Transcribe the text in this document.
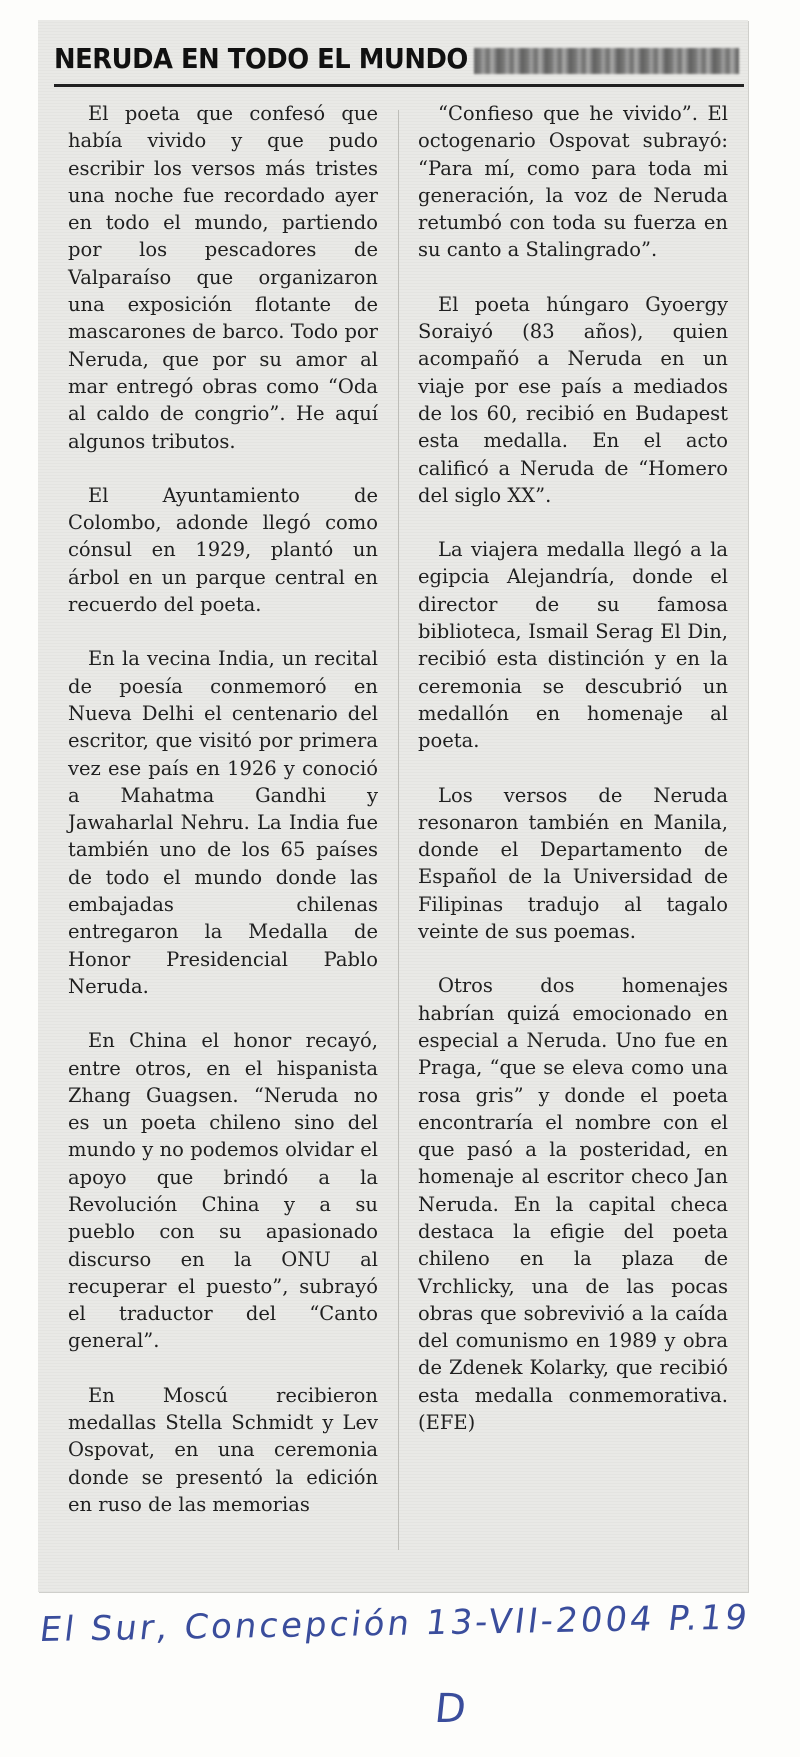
NERUDA EN TODO EL MUNDO

El poeta que confesó que había vivido y que pudo escribir los versos más tristes una noche fue recordado ayer en todo el mundo, partiendo por los pescadores de Valparaíso que organizaron una exposición flotante de mascarones de barco. Todo por Neruda, que por su amor al mar entregó obras como “Oda al caldo de congrio”. He aquí algunos tributos.

El Ayuntamiento de Colombo, adonde llegó como cónsul en 1929, plantó un árbol en un parque central en recuerdo del poeta.

En la vecina India, un recital de poesía conmemoró en Nueva Delhi el centenario del escritor, que visitó por primera vez ese país en 1926 y conoció a Mahatma Gandhi y Jawaharlal Nehru. La India fue también uno de los 65 países de todo el mundo donde las embajadas chilenas entregaron la Medalla de Honor Presidencial Pablo Neruda.

En China el honor recayó, entre otros, en el hispanista Zhang Guagsen. “Neruda no es un poeta chileno sino del mundo y no podemos olvidar el apoyo que brindó a la Revolución China y a su pueblo con su apasionado discurso en la ONU al recuperar el puesto”, subrayó el traductor del “Canto general”.

En Moscú recibieron medallas Stella Schmidt y Lev Ospovat, en una ceremonia donde se presentó la edición en ruso de las memorias

“Confieso que he vivido”. El octogenario Ospovat subrayó: “Para mí, como para toda mi generación, la voz de Neruda retumbó con toda su fuerza en su canto a Stalingrado”.

El poeta húngaro Gyoergy Soraiyó (83 años), quien acompañó a Neruda en un viaje por ese país a mediados de los 60, recibió en Budapest esta medalla. En el acto calificó a Neruda de “Homero del siglo XX”.

La viajera medalla llegó a la egipcia Alejandría, donde el director de su famosa biblioteca, Ismail Serag El Din, recibió esta distinción y en la ceremonia se descubrió un medallón en homenaje al poeta.

Los versos de Neruda resonaron también en Manila, donde el Departamento de Español de la Universidad de Filipinas tradujo al tagalo veinte de sus poemas.

Otros dos homenajes habrían quizá emocionado en especial a Neruda. Uno fue en Praga, “que se eleva como una rosa gris” y donde el poeta encontraría el nombre con el que pasó a la posteridad, en homenaje al escritor checo Jan Neruda. En la capital checa destaca la efigie del poeta chileno en la plaza de Vrchlicky, una de las pocas obras que sobrevivió a la caída del comunismo en 1989 y obra de Zdenek Kolarky, que recibió esta medalla conmemorativa. (EFE)

El Sur, Concepción 13-VII-2004 P.19
D
